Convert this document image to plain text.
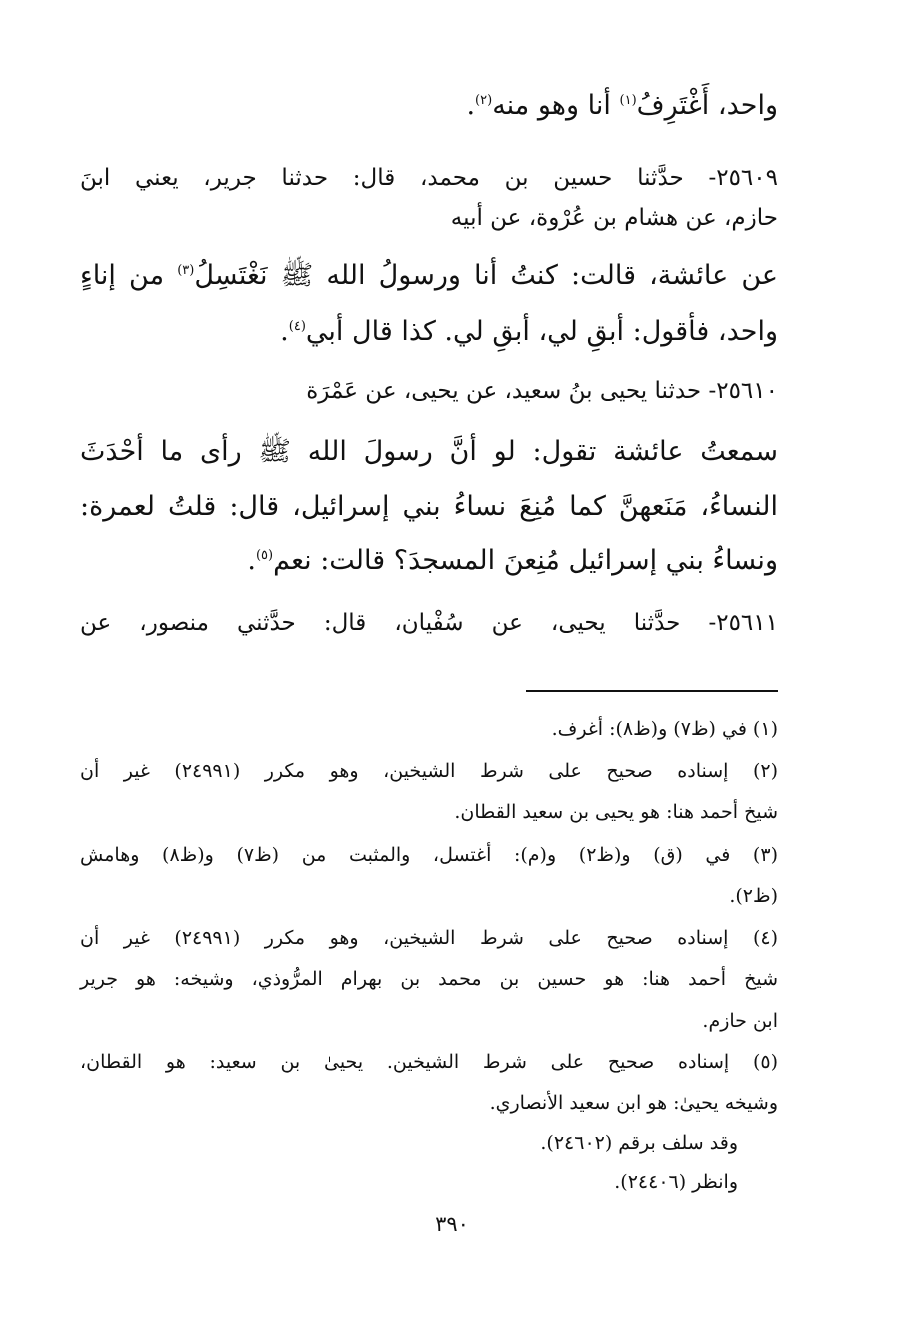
واحد، أَغْتَرِفُ$^{(١)}$ أنا وهو منه$^{(٢)}$.
٢٥٦٠٩- حدَّثنا حسين بن محمد، قال: حدثنا جرير، يعني ابنَ
حازم، عن هشام بن عُرْوة، عن أبيه
عن عائشة، قالت: كنتُ أنا ورسولُ الله ﷺ نَغْتَسِلُ$^{(٣)}$ من إناءٍ
واحد، فأقول: أبقِ لي، أبقِ لي. كذا قال أبي$^{(٤)}$.
٢٥٦١٠- حدثنا يحيى بنُ سعيد، عن يحيى، عن عَمْرَة
سمعتُ عائشة تقول: لو أنَّ رسولَ الله ﷺ رأى ما أحْدَثَ
النساءُ، مَنَعهنَّ كما مُنِعَ نساءُ بني إسرائيل، قال: قلتُ لعمرة:
ونساءُ بني إسرائيل مُنِعنَ المسجدَ؟ قالت: نعم$^{(٥)}$.
٢٥٦١١- حدَّثنا يحيى، عن سُفْيان، قال: حدَّثني منصور، عن
(١) في (ظ٧) و(ظ٨): أغرف.
(٢) إسناده صحيح على شرط الشيخين، وهو مكرر (٢٤٩٩١) غير أن
شيخ أحمد هنا: هو يحيى بن سعيد القطان.
(٣) في (ق) و(ظ٢) و(م): أغتسل، والمثبت من (ظ٧) و(ظ٨) وهامش
(ظ٢).
(٤) إسناده صحيح على شرط الشيخين، وهو مكرر (٢٤٩٩١) غير أن
شيخ أحمد هنا: هو حسين بن محمد بن بهرام المرُّوذي، وشيخه: هو جرير
ابن حازم.
(٥) إسناده صحيح على شرط الشيخين. يحيىٰ بن سعيد: هو القطان،
وشيخه يحيىٰ: هو ابن سعيد الأنصاري.
وقد سلف برقم (٢٤٦٠٢).
وانظر (٢٤٤٠٦).
٣٩٠
